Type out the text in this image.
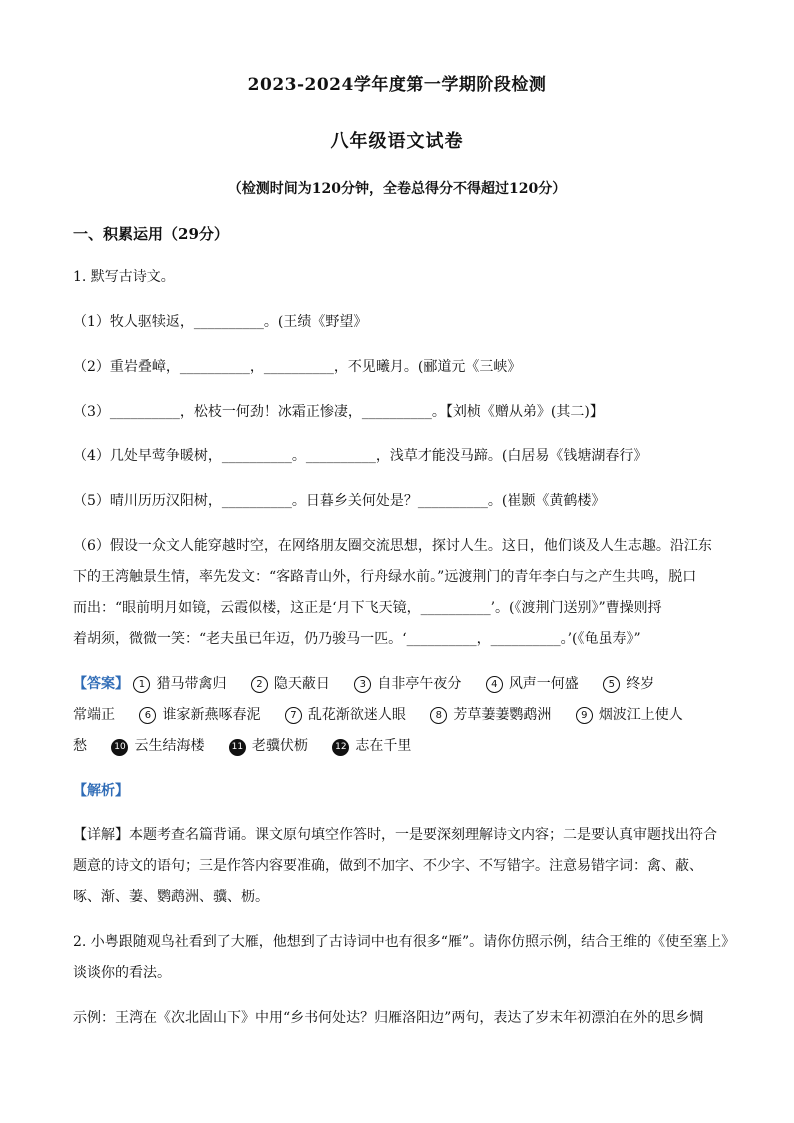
2023-2024学年度第一学期阶段检测
八年级语文试卷
（检测时间为120分钟，全卷总得分不得超过120分）
一、积累运用（29分）
1. 默写古诗文。
（1）牧人驱犊返，__________。(王绩《野望》
（2）重岩叠嶂，__________，__________，不见曦月。(郦道元《三峡》
（3）__________，松枝一何劲！冰霜正惨凄，__________。【刘桢《赠从弟》(其二)】
（4）几处早莺争暖树，__________。__________，浅草才能没马蹄。(白居易《钱塘湖春行》
（5）晴川历历汉阳树，__________。日暮乡关何处是？__________。(崔颢《黄鹤楼》
（6）假设一众文人能穿越时空，在网络朋友圈交流思想，探讨人生。这日，他们谈及人生志趣。沿江东
下的王湾触景生情，率先发文：“客路青山外，行舟绿水前。”远渡荆门的青年李白与之产生共鸣，脱口
而出：“眼前明月如镜，云霞似楼，这正是‘月下飞天镜，__________’。(《渡荆门送别》”曹操则捋
着胡须，微微一笑：“老夫虽已年迈，仍乃骏马一匹。‘__________，__________。’(《龟虽寿》”
【答案】 1 猎马带禽归	2 隐天蔽日	3 自非亭午夜分	4 风声一何盛	5 终岁
常端正	6 谁家新燕啄春泥	7 乱花渐欲迷人眼	8 芳草萋萋鹦鹉洲	9 烟波江上使人
愁	10 云生结海楼	11 老骥伏枥	12 志在千里
【解析】
【详解】本题考查名篇背诵。课文原句填空作答时，一是要深刻理解诗文内容；二是要认真审题找出符合
题意的诗文的语句；三是作答内容要准确，做到不加字、不少字、不写错字。注意易错字词：禽、蔽、
啄、渐、萋、鹦鹉洲、骥、枥。
2. 小粤跟随观鸟社看到了大雁，他想到了古诗词中也有很多“雁”。请你仿照示例，结合王维的《使至塞上》
谈谈你的看法。
示例：王湾在《次北固山下》中用“乡书何处达？归雁洛阳边”两句，表达了岁末年初漂泊在外的思乡惆
